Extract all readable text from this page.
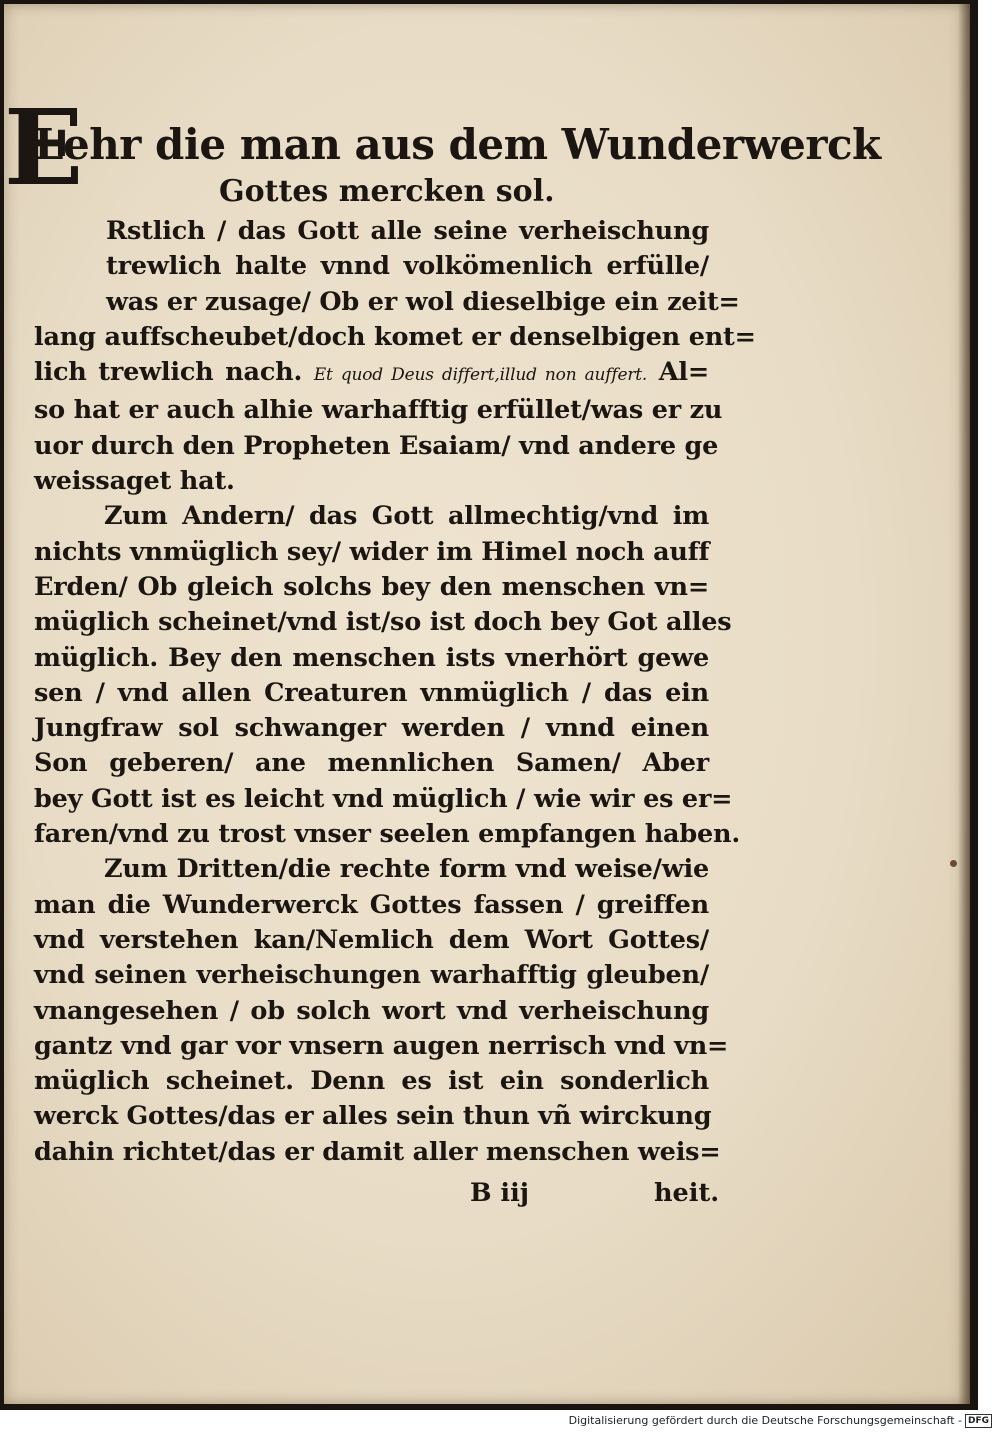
E
Lehr die man aus dem Wunderwerck
Gottes mercken sol.
Rstlich / das Gott alle seine verheischung
trewlich halte vnnd volkömenlich erfülle/
was er zusage/ Ob er wol dieselbige ein zeit=
lang auffscheubet/doch komet er denselbigen ent=
lich trewlich nach. Et quod Deus differt,illud non auffert. Al=
so hat er auch alhie warhafftig erfüllet/was er zu
uor durch den Propheten Esaiam/ vnd andere ge
weissaget hat.
Zum Andern/ das Gott allmechtig/vnd im
nichts vnmüglich sey/ wider im Himel noch auff
Erden/ Ob gleich solchs bey den menschen vn=
müglich scheinet/vnd ist/so ist doch bey Got alles
müglich. Bey den menschen ists vnerhört gewe
sen / vnd allen Creaturen vnmüglich / das ein
Jungfraw sol schwanger werden / vnnd einen
Son geberen/ ane mennlichen Samen/ Aber
bey Gott ist es leicht vnd müglich / wie wir es er=
faren/vnd zu trost vnser seelen empfangen haben.
Zum Dritten/die rechte form vnd weise/wie
man die Wunderwerck Gottes fassen / greiffen
vnd verstehen kan/Nemlich dem Wort Gottes/
vnd seinen verheischungen warhafftig gleuben/
vnangesehen / ob solch wort vnd verheischung
gantz vnd gar vor vnsern augen nerrisch vnd vn=
müglich scheinet. Denn es ist ein sonderlich
werck Gottes/das er alles sein thun vñ wirckung
dahin richtet/das er damit aller menschen weis=
B iij	heit.
Digitalisierung gefördert durch die Deutsche Forschungsgemeinschaft - DFG
